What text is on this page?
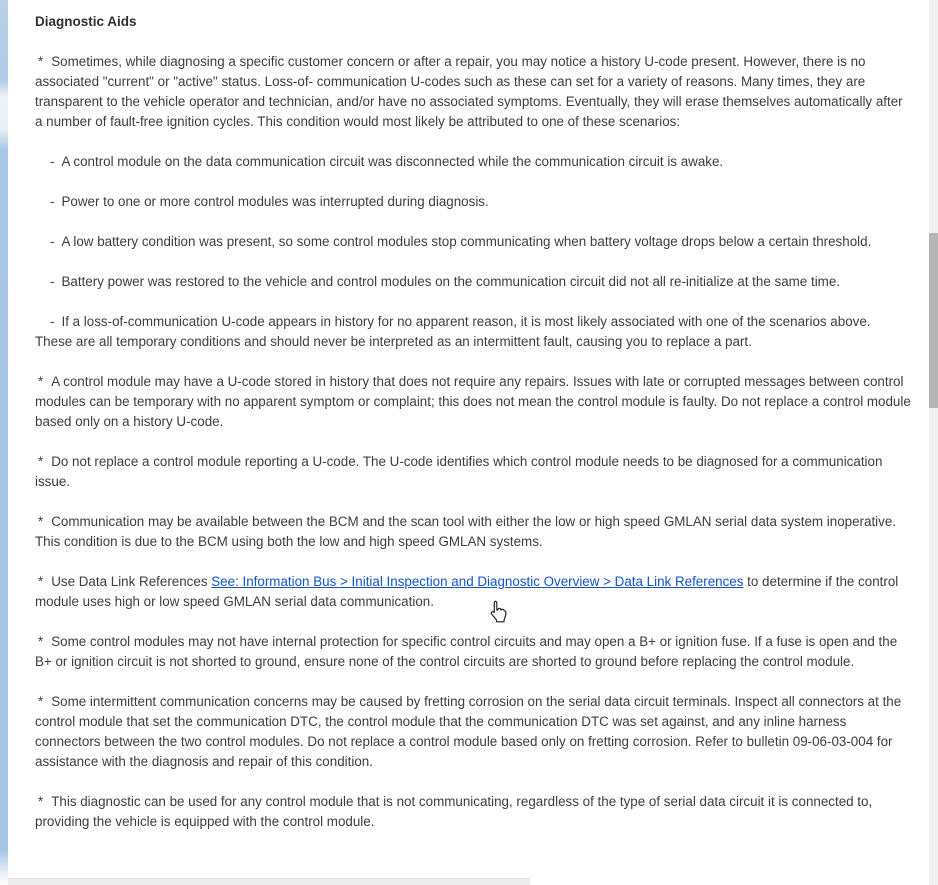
Diagnostic Aids
* Sometimes, while diagnosing a specific customer concern or after a repair, you may notice a history U-code present. However, there is no associated "current" or "active" status. Loss-of- communication U-codes such as these can set for a variety of reasons. Many times, they are transparent to the vehicle operator and technician, and/or have no associated symptoms. Eventually, they will erase themselves automatically after a number of fault-free ignition cycles. This condition would most likely be attributed to one of these scenarios:
- A control module on the data communication circuit was disconnected while the communication circuit is awake.
- Power to one or more control modules was interrupted during diagnosis.
- A low battery condition was present, so some control modules stop communicating when battery voltage drops below a certain threshold.
- Battery power was restored to the vehicle and control modules on the communication circuit did not all re-initialize at the same time.
- If a loss-of-communication U-code appears in history for no apparent reason, it is most likely associated with one of the scenarios above. These are all temporary conditions and should never be interpreted as an intermittent fault, causing you to replace a part.
* A control module may have a U-code stored in history that does not require any repairs. Issues with late or corrupted messages between control modules can be temporary with no apparent symptom or complaint; this does not mean the control module is faulty. Do not replace a control module based only on a history U-code.
* Do not replace a control module reporting a U-code. The U-code identifies which control module needs to be diagnosed for a communication issue.
* Communication may be available between the BCM and the scan tool with either the low or high speed GMLAN serial data system inoperative. This condition is due to the BCM using both the low and high speed GMLAN systems.
* Use Data Link References See: Information Bus > Initial Inspection and Diagnostic Overview > Data Link References to determine if the control module uses high or low speed GMLAN serial data communication.
* Some control modules may not have internal protection for specific control circuits and may open a B+ or ignition fuse. If a fuse is open and the B+ or ignition circuit is not shorted to ground, ensure none of the control circuits are shorted to ground before replacing the control module.
* Some intermittent communication concerns may be caused by fretting corrosion on the serial data circuit terminals. Inspect all connectors at the control module that set the communication DTC, the control module that the communication DTC was set against, and any inline harness connectors between the two control modules. Do not replace a control module based only on fretting corrosion. Refer to bulletin 09-06-03-004 for assistance with the diagnosis and repair of this condition.
* This diagnostic can be used for any control module that is not communicating, regardless of the type of serial data circuit it is connected to, providing the vehicle is equipped with the control module.
